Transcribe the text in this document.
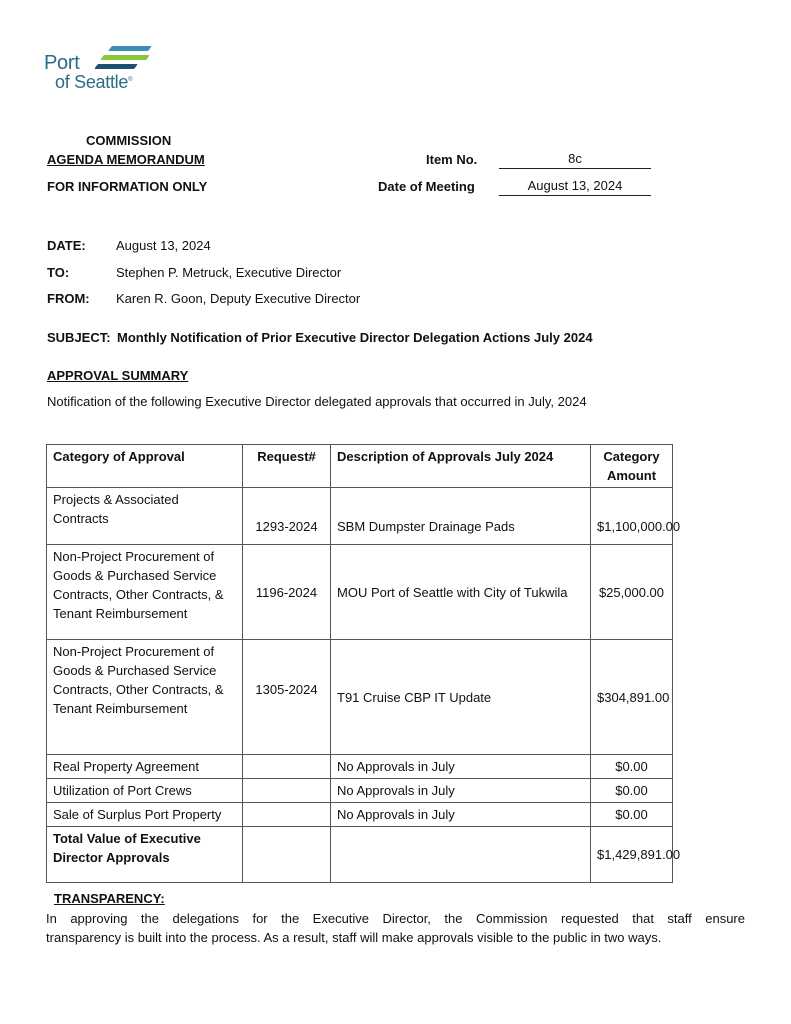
Port
of Seattle®
COMMISSION
AGENDA MEMORANDUM
FOR INFORMATION ONLY
Item No.	8c
Date of Meeting	August 13, 2024
DATE: August 13, 2024
TO:	Stephen P. Metruck, Executive Director
FROM: Karen R. Goon, Deputy Executive Director
SUBJECT: Monthly Notification of Prior Executive Director Delegation Actions July 2024
APPROVAL SUMMARY
Notification of the following Executive Director delegated approvals that occurred in July, 2024
Category of Approval	Request#	Description of Approvals July 2024	Category Amount
Projects & Associated Contracts	1293-2024	SBM Dumpster Drainage Pads	$1,100,000.00
Non-Project Procurement of Goods & Purchased Service Contracts, Other Contracts, & Tenant Reimbursement	1196-2024	MOU Port of Seattle with City of Tukwila	$25,000.00
Non-Project Procurement of Goods & Purchased Service Contracts, Other Contracts, & Tenant Reimbursement	1305-2024	T91 Cruise CBP IT Update	$304,891.00
Real Property Agreement		No Approvals in July	$0.00
Utilization of Port Crews		No Approvals in July	$0.00
Sale of Surplus Port Property		No Approvals in July	$0.00
Total Value of Executive Director Approvals			$1,429,891.00
TRANSPARENCY:
In approving the delegations for the Executive Director, the Commission requested that staff ensure
transparency is built into the process. As a result, staff will make approvals visible to the public in two ways.
